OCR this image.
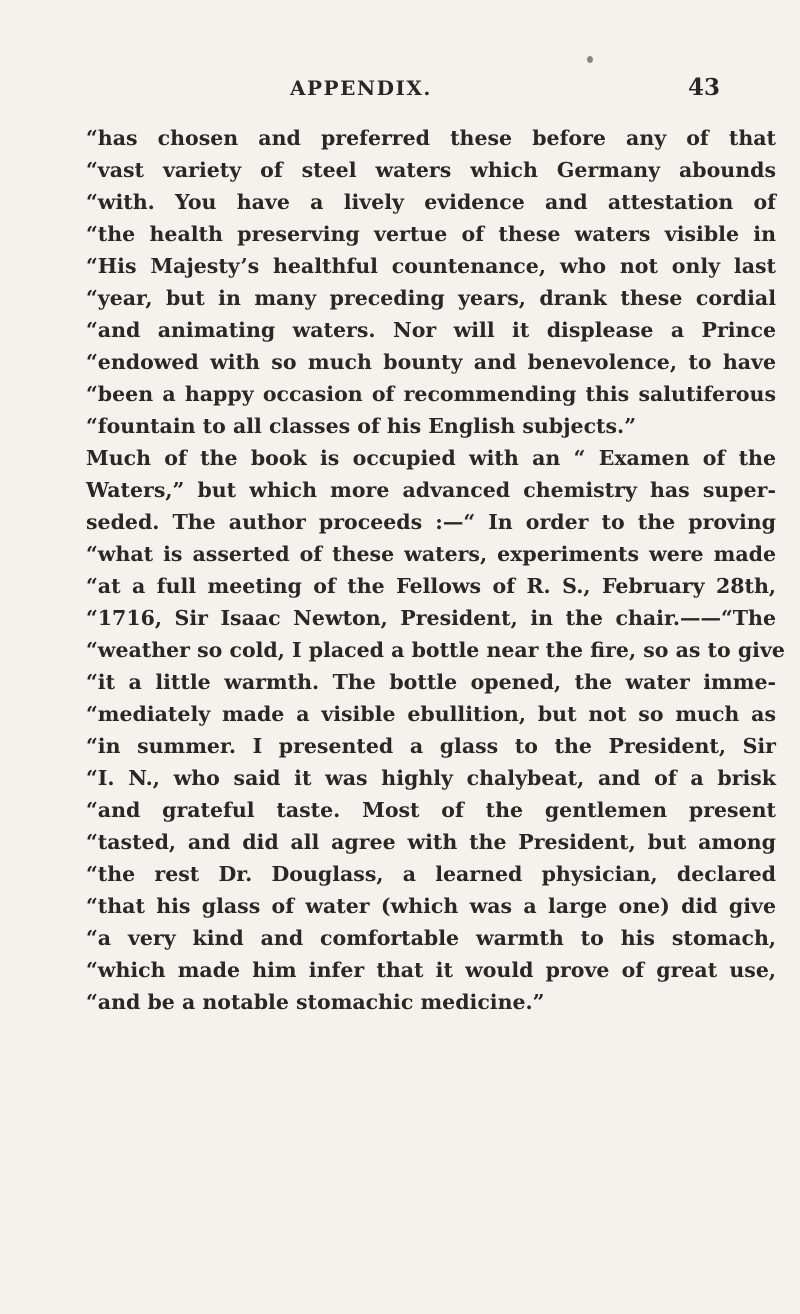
APPENDIX.	43
“has chosen and preferred these before any of that
“vast variety of steel waters which Germany abounds
“with. You have a lively evidence and attestation of
“the health preserving vertue of these waters visible in
“His Majesty’s healthful countenance, who not only last
“year, but in many preceding years, drank these cordial
“and animating waters. Nor will it displease a Prince
“endowed with so much bounty and benevolence, to have
“been a happy occasion of recommending this salutiferous
“fountain to all classes of his English subjects.”
Much of the book is occupied with an “ Examen of the
Waters,” but which more advanced chemistry has super-
seded. The author proceeds :—“ In order to the proving
“what is asserted of these waters, experiments were made
“at a full meeting of the Fellows of R. S., February 28th,
“1716, Sir Isaac Newton, President, in the chair.——“The
“weather so cold, I placed a bottle near the fire, so as to give
“it a little warmth. The bottle opened, the water imme-
“mediately made a visible ebullition, but not so much as
“in summer. I presented a glass to the President, Sir
“I. N., who said it was highly chalybeat, and of a brisk
“and grateful taste. Most of the gentlemen present
“tasted, and did all agree with the President, but among
“the rest Dr. Douglass, a learned physician, declared
“that his glass of water (which was a large one) did give
“a very kind and comfortable warmth to his stomach,
“which made him infer that it would prove of great use,
“and be a notable stomachic medicine.”
